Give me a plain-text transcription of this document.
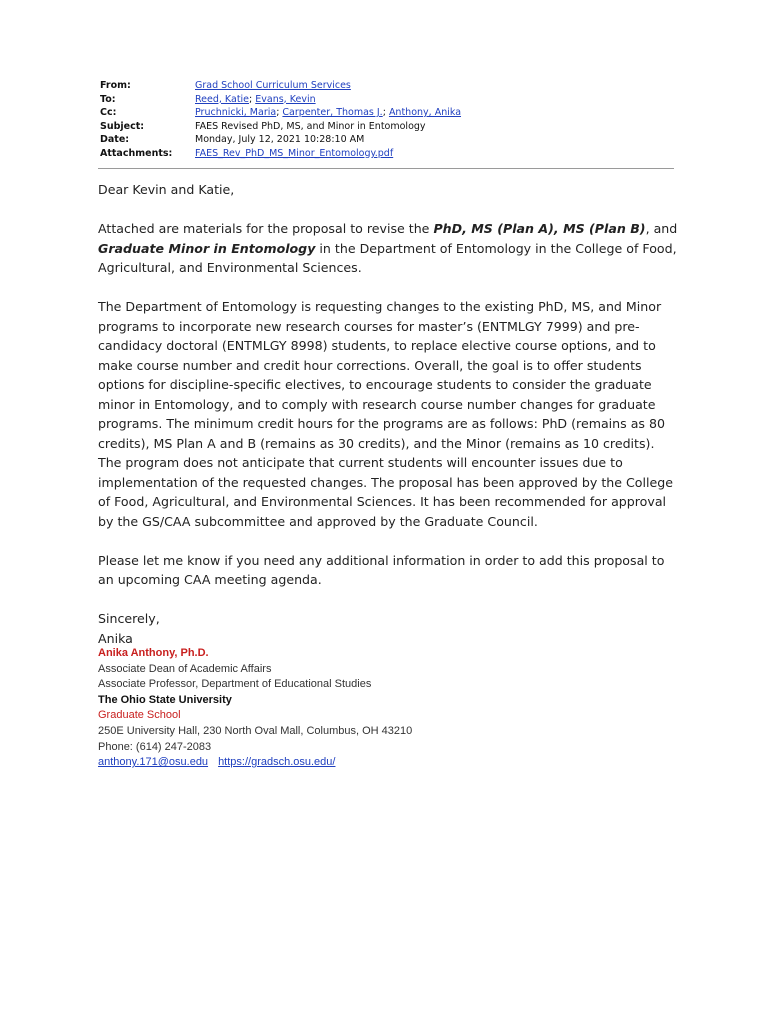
From:	Grad School Curriculum Services
To:	Reed, Katie; Evans, Kevin
Cc:	Pruchnicki, Maria; Carpenter, Thomas J.; Anthony, Anika
Subject:	FAES Revised PhD, MS, and Minor in Entomology
Date:	Monday, July 12, 2021 10:28:10 AM
Attachments:	FAES_Rev_PhD_MS_Minor_Entomology.pdf

Dear Kevin and Katie,

Attached are materials for the proposal to revise the PhD, MS (Plan A), MS (Plan B), and Graduate Minor in Entomology in the Department of Entomology in the College of Food, Agricultural, and Environmental Sciences.

The Department of Entomology is requesting changes to the existing PhD, MS, and Minor programs to incorporate new research courses for master’s (ENTMLGY 7999) and pre-candidacy doctoral (ENTMLGY 8998) students, to replace elective course options, and to make course number and credit hour corrections. Overall, the goal is to offer students options for discipline-specific electives, to encourage students to consider the graduate minor in Entomology, and to comply with research course number changes for graduate programs. The minimum credit hours for the programs are as follows: PhD (remains as 80 credits), MS Plan A and B (remains as 30 credits), and the Minor (remains as 10 credits). The program does not anticipate that current students will encounter issues due to implementation of the requested changes. The proposal has been approved by the College of Food, Agricultural, and Environmental Sciences. It has been recommended for approval by the GS/CAA subcommittee and approved by the Graduate Council.

Please let me know if you need any additional information in order to add this proposal to an upcoming CAA meeting agenda.

Sincerely,
Anika
Anika Anthony, Ph.D.
Associate Dean of Academic Affairs
Associate Professor, Department of Educational Studies
The Ohio State University
Graduate School
250E University Hall, 230 North Oval Mall, Columbus, OH 43210
Phone: (614) 247-2083
anthony.171@osu.edu https://gradsch.osu.edu/
